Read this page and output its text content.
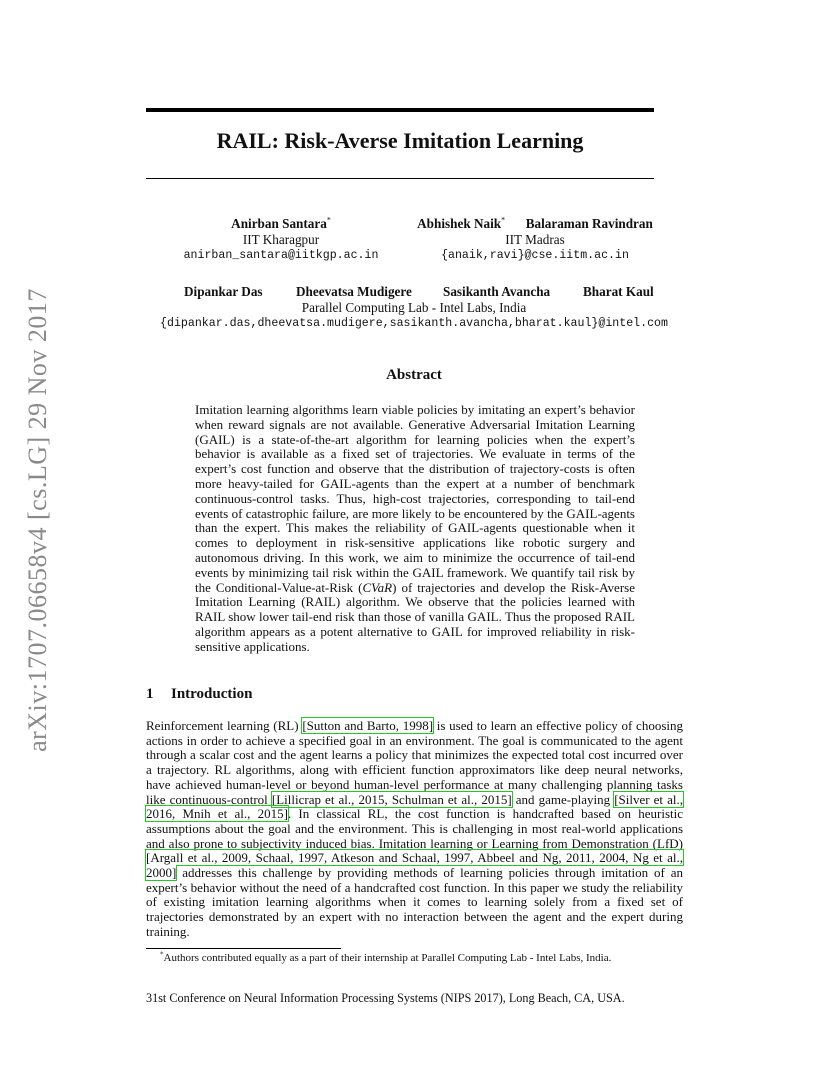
arXiv:1707.06658v4 [cs.LG] 29 Nov 2017
RAIL: Risk-Averse Imitation Learning
Anirban Santara*
IIT Kharagpur
anirban_santara@iitkgp.ac.in
Abhishek Naik* Balaraman Ravindran
IIT Madras
{anaik,ravi}@cse.iitm.ac.in
Dipankar Das	Dheevatsa Mudigere Sasikanth Avancha Bharat Kaul
Parallel Computing Lab - Intel Labs, India
{dipankar.das,dheevatsa.mudigere,sasikanth.avancha,bharat.kaul}@intel.com
Abstract
Imitation learning algorithms learn viable policies by imitating an expert’s behavior when reward signals are not available. Generative Adversarial Imitation Learning (GAIL) is a state-of-the-art algorithm for learning policies when the expert’s behavior is available as a fixed set of trajectories. We evaluate in terms of the expert’s cost function and observe that the distribution of trajectory-costs is often more heavy-tailed for GAIL-agents than the expert at a number of benchmark continuous-control tasks. Thus, high-cost trajectories, corresponding to tail-end events of catastrophic failure, are more likely to be encountered by the GAIL-agents than the expert. This makes the reliability of GAIL-agents questionable when it comes to deployment in risk-sensitive applications like robotic surgery and autonomous driving. In this work, we aim to minimize the occurrence of tail-end events by minimizing tail risk within the GAIL framework. We quantify tail risk by the Conditional-Value-at-Risk (CVaR) of trajectories and develop the Risk-Averse Imitation Learning (RAIL) algorithm. We observe that the policies learned with RAIL show lower tail-end risk than those of vanilla GAIL. Thus the proposed RAIL algorithm appears as a potent alternative to GAIL for improved reliability in risk-sensitive applications.
1 Introduction
Reinforcement learning (RL) [Sutton and Barto, 1998] is used to learn an effective policy of choosing actions in order to achieve a specified goal in an environment. The goal is communicated to the agent through a scalar cost and the agent learns a policy that minimizes the expected total cost incurred over a trajectory. RL algorithms, along with efficient function approximators like deep neural networks, have achieved human-level or beyond human-level performance at many challenging planning tasks like continuous-control [Lillicrap et al., 2015, Schulman et al., 2015] and game-playing [Silver et al., 2016, Mnih et al., 2015]. In classical RL, the cost function is handcrafted based on heuristic assumptions about the goal and the environment. This is challenging in most real-world applications and also prone to subjectivity induced bias. Imitation learning or Learning from Demonstration (LfD) [Argall et al., 2009, Schaal, 1997, Atkeson and Schaal, 1997, Abbeel and Ng, 2011, 2004, Ng et al., 2000] addresses this challenge by providing methods of learning policies through imitation of an expert’s behavior without the need of a handcrafted cost function. In this paper we study the reliability of existing imitation learning algorithms when it comes to learning solely from a fixed set of trajectories demonstrated by an expert with no interaction between the agent and the expert during training.
*Authors contributed equally as a part of their internship at Parallel Computing Lab - Intel Labs, India.
31st Conference on Neural Information Processing Systems (NIPS 2017), Long Beach, CA, USA.
